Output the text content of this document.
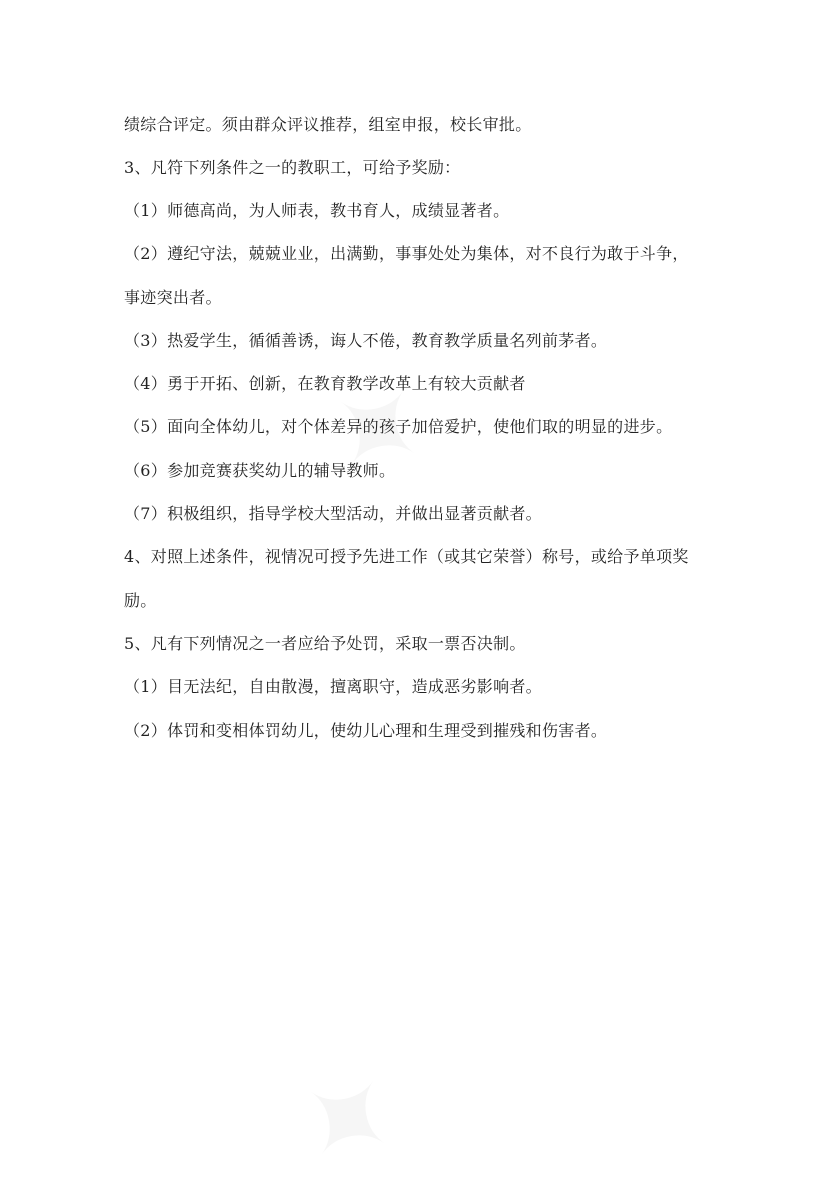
绩综合评定。须由群众评议推荐，组室申报，校长审批。
3、凡符下列条件之一的教职工，可给予奖励：
（1）师德高尚，为人师表，教书育人，成绩显著者。
（2）遵纪守法，兢兢业业，出满勤，事事处处为集体，对不良行为敢于斗争，
事迹突出者。
（3）热爱学生，循循善诱，诲人不倦，教育教学质量名列前茅者。
（4）勇于开拓、创新，在教育教学改革上有较大贡献者
（5）面向全体幼儿，对个体差异的孩子加倍爱护，使他们取的明显的进步。
（6）参加竞赛获奖幼儿的辅导教师。
（7）积极组织，指导学校大型活动，并做出显著贡献者。
4、对照上述条件，视情况可授予先进工作（或其它荣誉）称号，或给予单项奖
励。
5、凡有下列情况之一者应给予处罚，采取一票否决制。
（1）目无法纪，自由散漫，擅离职守，造成恶劣影响者。
（2）体罚和变相体罚幼儿，使幼儿心理和生理受到摧残和伤害者。
